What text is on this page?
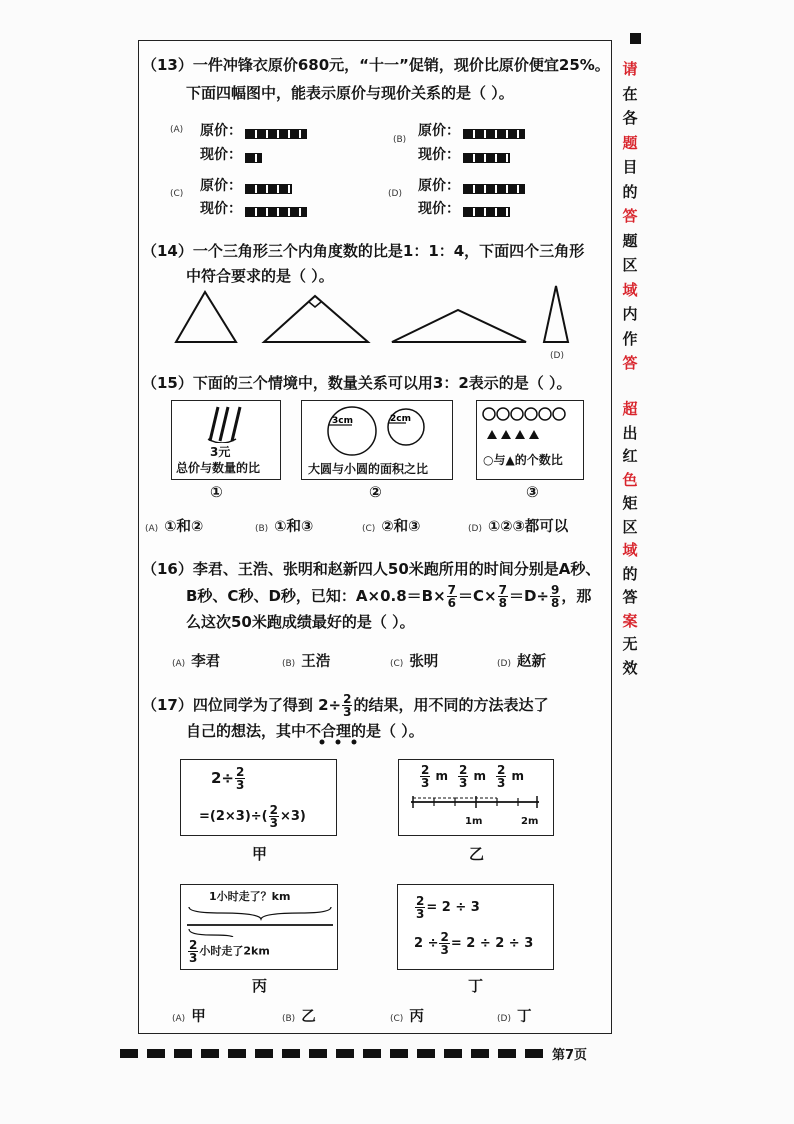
（13）一件冲锋衣原价680元，“十一”促销，现价比原价便宜25%。
下面四幅图中，能表示原价与现价关系的是（ ）。
(A)	原价：
现价：
(B)
原价：
现价：
(C)	原价：
现价：
(D)	原价：
现价：
（14）一个三角形三个内角度数的比是1：1：4，下面四个三角形
中符合要求的是（ ）。
(D)
（15）下面的三个情境中，数量关系可以用3：2表示的是（ ）。
3元
总价与数量的比
①
3cm	2cm
大圆与小圆的面积之比
②
○与▲的个数比
③
(A) ①和②	(B) ①和③	(C) ②和③	(D) ①②③都可以
（16）李君、王浩、张明和赵新四人50米跑所用的时间分别是A秒、
B秒、C秒、D秒，已知：$A\times 0.8=B\times \frac{7}{6} =C\times \frac{7}{8} =D\div \frac{9}{8}$ ，那
么这次50米跑成绩最好的是（ ）。
(A) 李君	(B) 王浩	(C) 张明	(D) 赵新
（17）四位同学为了得到 $2\div \frac{2}{3}$ 的结果，用不同的方法表达了
自己的想法，其中不合理的是（ ）。
$2\div \frac{2}{3}$
$=(2\times 3)\div( \frac{2}{3} \times 3)$
甲
$\frac{2}{3}$ m $\frac{2}{3}$ m $\frac{2}{3}$ m
1m	2m
乙
1小时走了？km
$\frac{2}{3}$ 小时走了2km
丙
$\frac{2}{3} = 2 \div 3$
$2 \div \frac{2}{3} = 2 \div 2 \div 3$
丁
(A) 甲	(B) 乙	(C) 丙	(D) 丁
请
在
各
题
目
的
答
题
区
域
内
作
答
超
出
红
色
矩
区
域
的
答
案
无
效
第7页
